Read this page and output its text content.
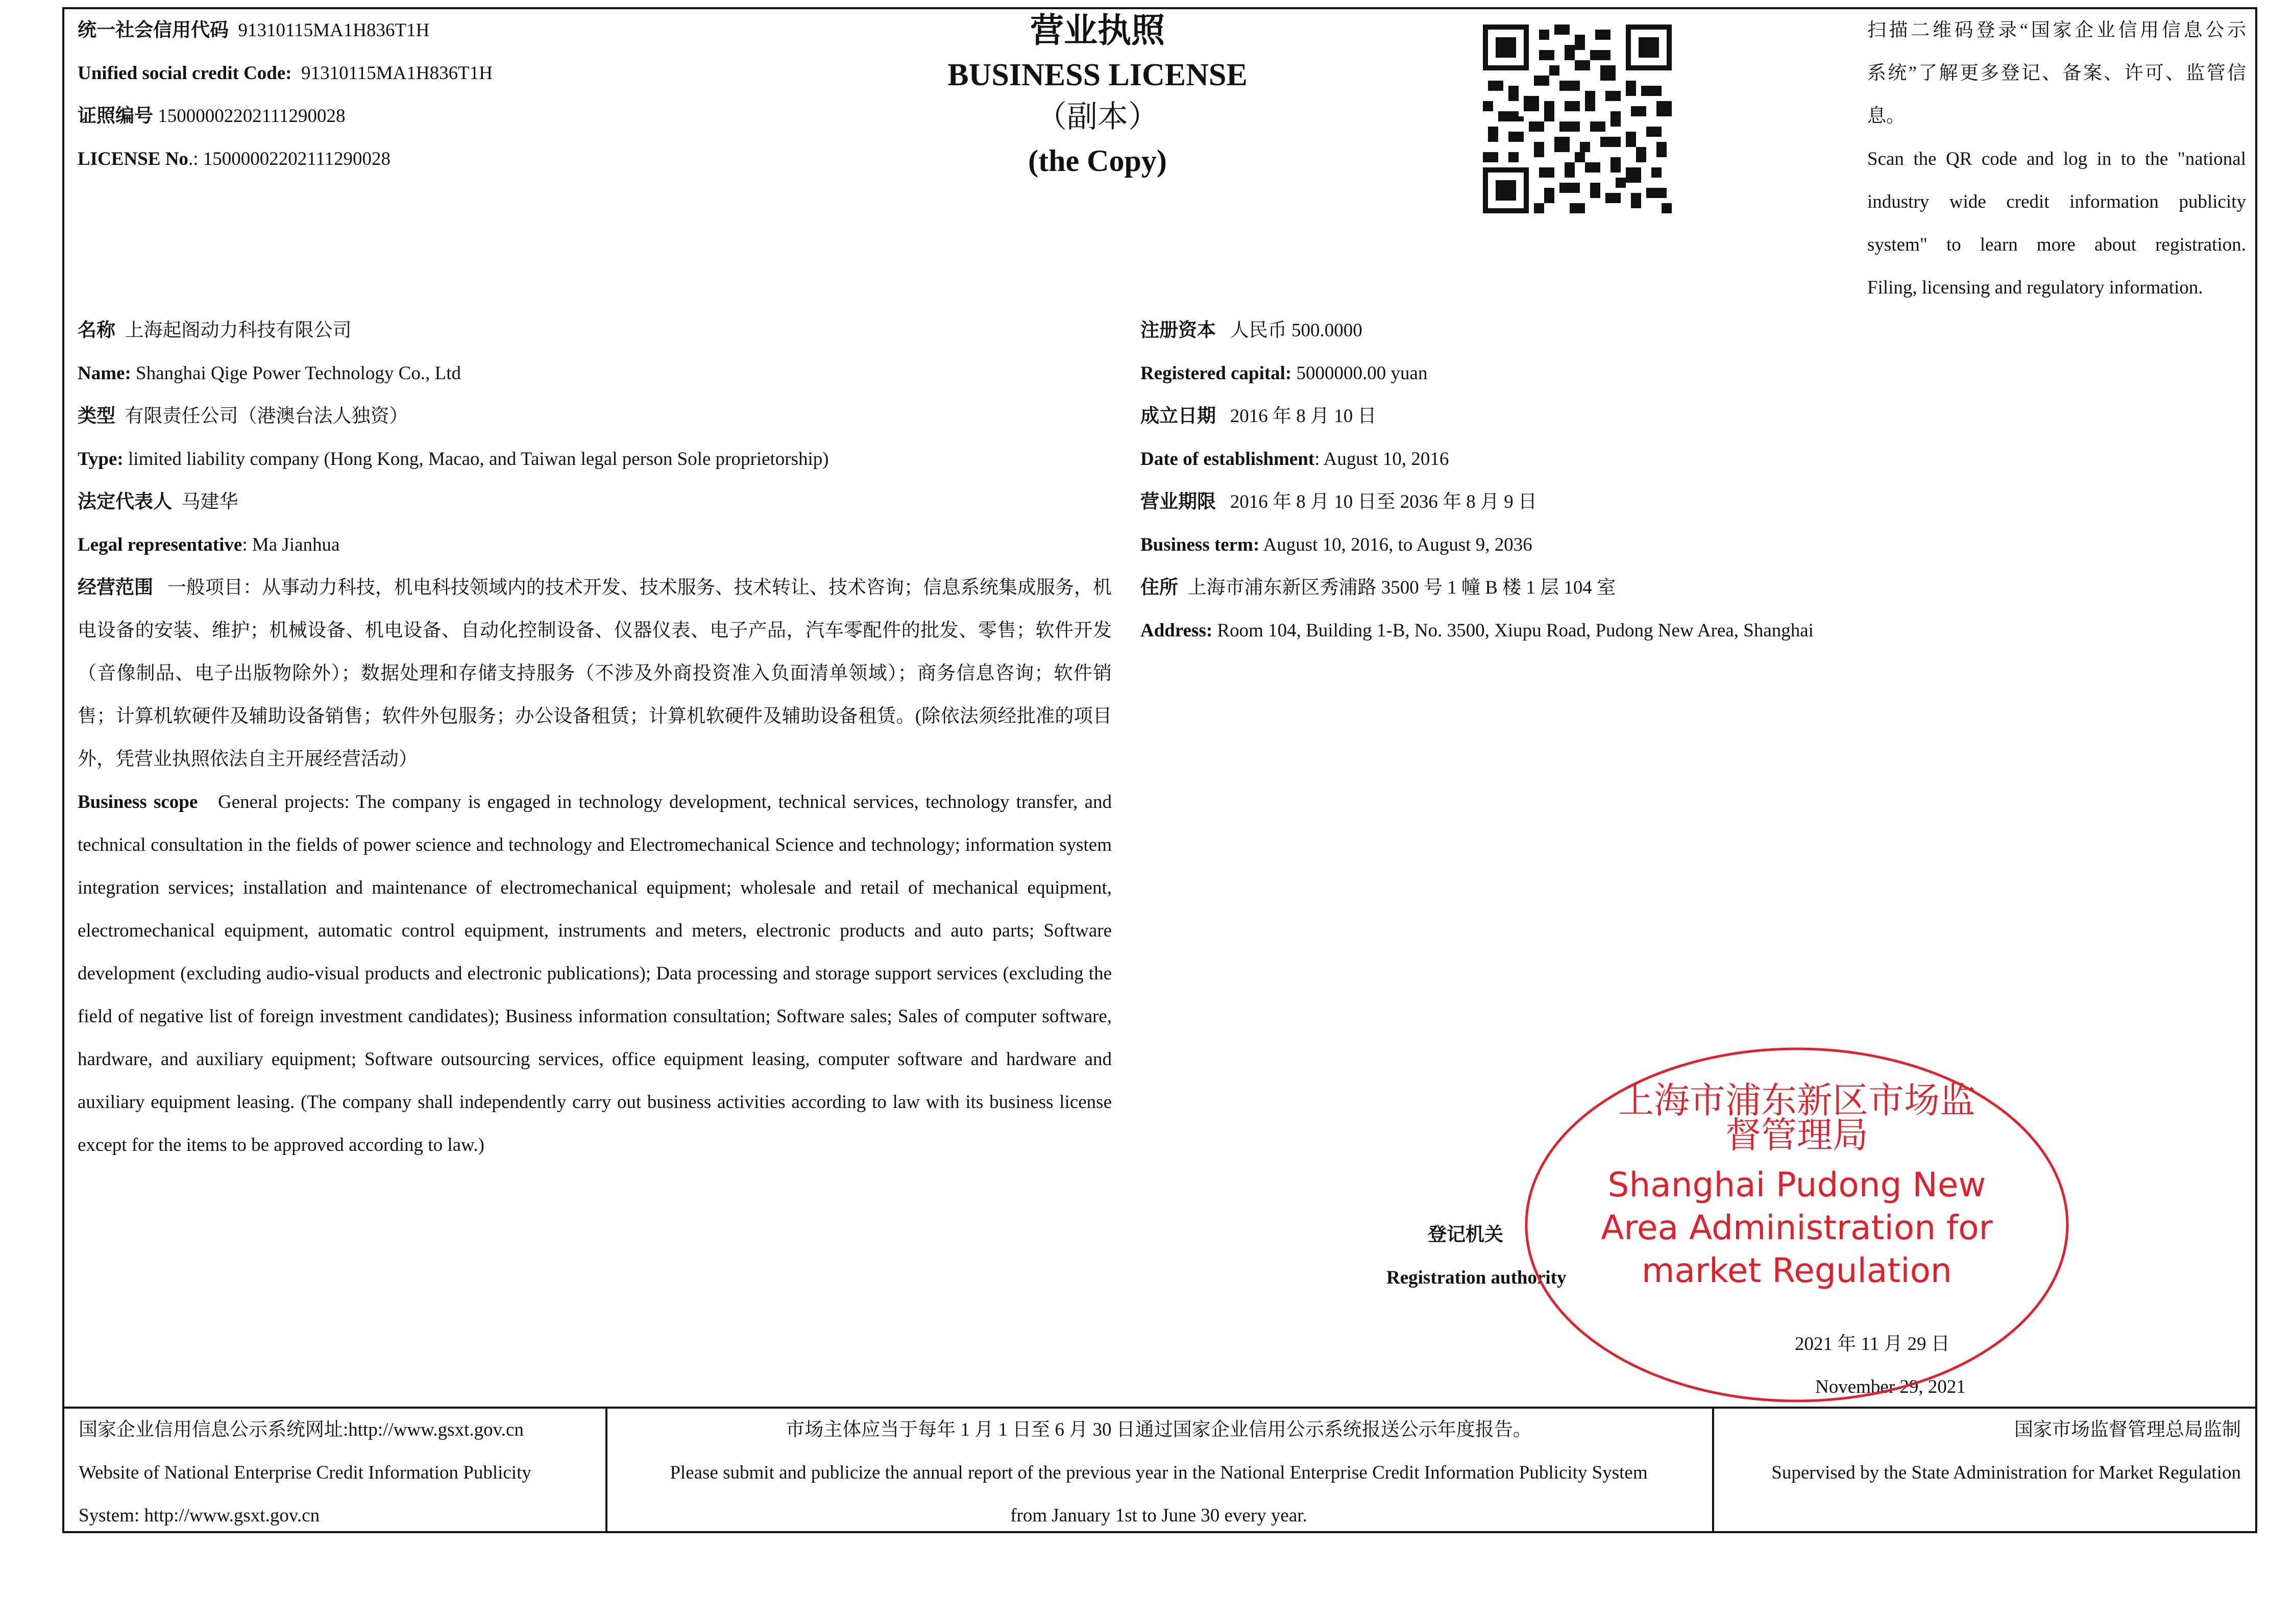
统一社会信用代码 91310115MA1H836T1H
Unified social credit Code: 91310115MA1H836T1H
证照编号 15000002202111290028
LICENSE No.: 15000002202111290028
营业执照
BUSINESS LICENSE
（副本）
(the Copy)
扫描二维码登录“国家企业信用信息公示
系统”了解更多登记、备案、许可、监管信
息。
Scan the QR code and log in to the "national
industry wide credit information publicity
system" to learn more about registration.
Filing, licensing and regulatory information.
名称 上海起阁动力科技有限公司
Name: Shanghai Qige Power Technology Co., Ltd
类型 有限责任公司（港澳台法人独资）
Type: limited liability company (Hong Kong, Macao, and Taiwan legal person Sole proprietorship)
法定代表人 马建华
Legal representative: Ma Jianhua
经营范围 一般项目：从事动力科技，机电科技领域内的技术开发、技术服务、技术转让、技术咨询；信息系统集成服务，机电设备的安装、维护；机械设备、机电设备、自动化控制设备、仪器仪表、电子产品，汽车零配件的批发、零售；软件开发（音像制品、电子出版物除外）；数据处理和存储支持服务（不涉及外商投资准入负面清单领域）；商务信息咨询；软件销售；计算机软硬件及辅助设备销售；软件外包服务；办公设备租赁；计算机软硬件及辅助设备租赁。(除依法须经批准的项目外，凭营业执照依法自主开展经营活动）
Business scope General projects: The company is engaged in technology development, technical services, technology transfer, and technical consultation in the fields of power science and technology and Electromechanical Science and technology; information system integration services; installation and maintenance of electromechanical equipment; wholesale and retail of mechanical equipment, electromechanical equipment, automatic control equipment, instruments and meters, electronic products and auto parts; Software development (excluding audio-visual products and electronic publications); Data processing and storage support services (excluding the field of negative list of foreign investment candidates); Business information consultation; Software sales; Sales of computer software, hardware, and auxiliary equipment; Software outsourcing services, office equipment leasing, computer software and hardware and auxiliary equipment leasing. (The company shall independently carry out business activities according to law with its business license except for the items to be approved according to law.)
注册资本 人民币 500.0000
Registered capital: 5000000.00 yuan
成立日期 2016 年 8 月 10 日
Date of establishment: August 10, 2016
营业期限 2016 年 8 月 10 日至 2036 年 8 月 9 日
Business term: August 10, 2016, to August 9, 2036
住所 上海市浦东新区秀浦路 3500 号 1 幢 B 楼 1 层 104 室
Address: Room 104, Building 1-B, No. 3500, Xiupu Road, Pudong New Area, Shanghai
登记机关
Registration authority
2021 年 11 月 29 日
November 29, 2021
上海市浦东新区市场监
督管理局
Shanghai Pudong New
Area Administration for
market Regulation
国家企业信用信息公示系统网址:http://www.gsxt.gov.cn
Website of National Enterprise Credit Information Publicity
System: http://www.gsxt.gov.cn
市场主体应当于每年 1 月 1 日至 6 月 30 日通过国家企业信用公示系统报送公示年度报告。
Please submit and publicize the annual report of the previous year in the National Enterprise Credit Information Publicity System
from January 1st to June 30 every year.
国家市场监督管理总局监制
Supervised by the State Administration for Market Regulation
